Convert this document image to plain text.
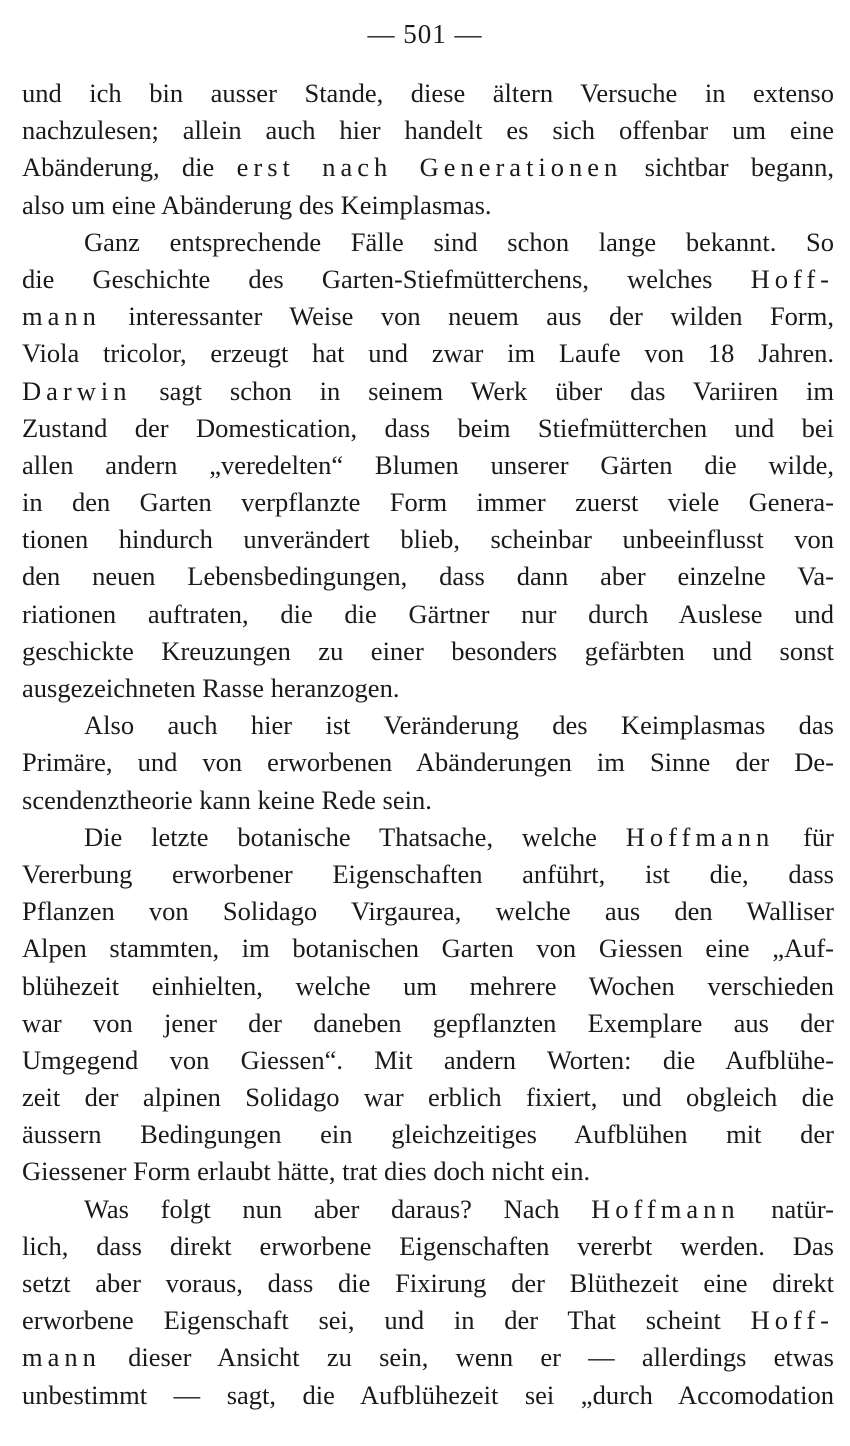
— 501 —
und ich bin ausser Stande, diese ältern Versuche in extenso
nachzulesen; allein auch hier handelt es sich offenbar um eine
Abänderung, die erst nach Generationen sichtbar begann,
also um eine Abänderung des Keimplasmas.
Ganz entsprechende Fälle sind schon lange bekannt. So
die Geschichte des Garten-Stiefmütterchens, welches Hoff-
mann interessanter Weise von neuem aus der wilden Form,
Viola tricolor, erzeugt hat und zwar im Laufe von 18 Jahren.
Darwin sagt schon in seinem Werk über das Variiren im
Zustand der Domestication, dass beim Stiefmütterchen und bei
allen andern „veredelten“ Blumen unserer Gärten die wilde,
in den Garten verpflanzte Form immer zuerst viele Genera-
tionen hindurch unverändert blieb, scheinbar unbeeinflusst von
den neuen Lebensbedingungen, dass dann aber einzelne Va-
riationen auftraten, die die Gärtner nur durch Auslese und
geschickte Kreuzungen zu einer besonders gefärbten und sonst
ausgezeichneten Rasse heranzogen.
Also auch hier ist Veränderung des Keimplasmas das
Primäre, und von erworbenen Abänderungen im Sinne der De-
scendenztheorie kann keine Rede sein.
Die letzte botanische Thatsache, welche Hoffmann für
Vererbung erworbener Eigenschaften anführt, ist die, dass
Pflanzen von Solidago Virgaurea, welche aus den Walliser
Alpen stammten, im botanischen Garten von Giessen eine „Auf-
blühezeit einhielten, welche um mehrere Wochen verschieden
war von jener der daneben gepflanzten Exemplare aus der
Umgegend von Giessen“. Mit andern Worten: die Aufblühe-
zeit der alpinen Solidago war erblich fixiert, und obgleich die
äussern Bedingungen ein gleichzeitiges Aufblühen mit der
Giessener Form erlaubt hätte, trat dies doch nicht ein.
Was folgt nun aber daraus? Nach Hoffmann natür-
lich, dass direkt erworbene Eigenschaften vererbt werden. Das
setzt aber voraus, dass die Fixirung der Blüthezeit eine direkt
erworbene Eigenschaft sei, und in der That scheint Hoff-
mann dieser Ansicht zu sein, wenn er — allerdings etwas
unbestimmt — sagt, die Aufblühezeit sei „durch Accomodation
